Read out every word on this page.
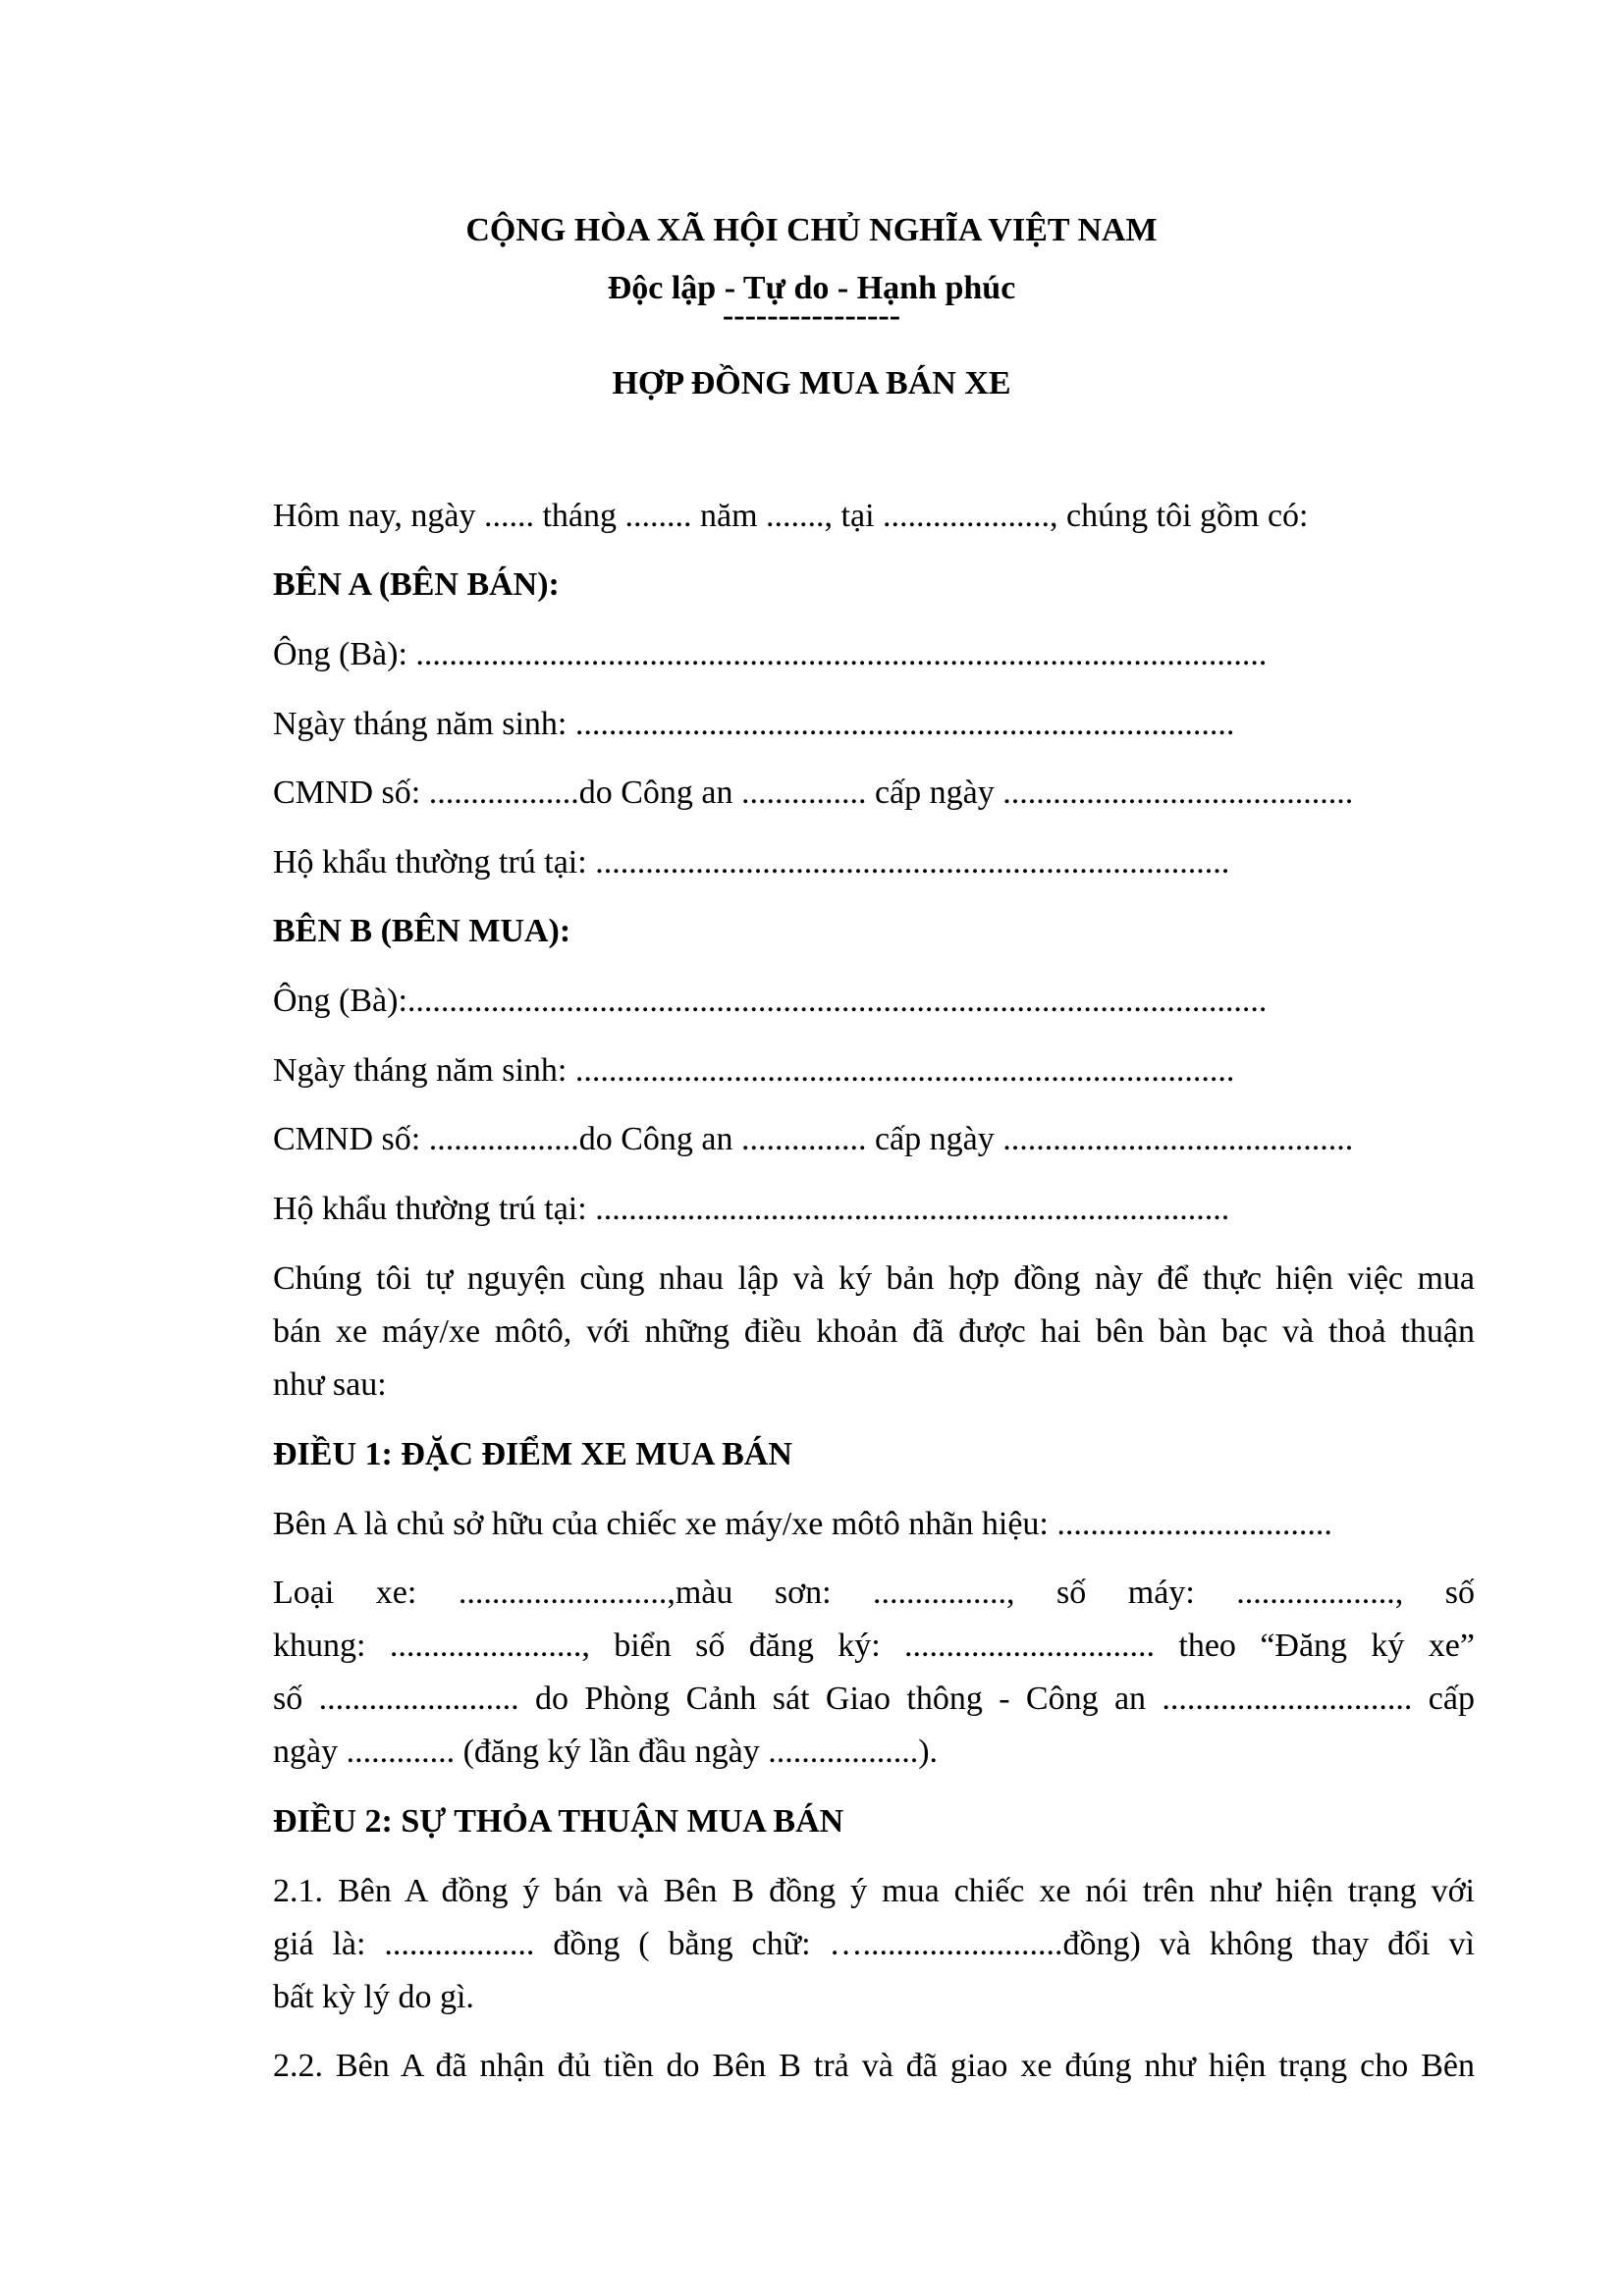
CỘNG HÒA XÃ HỘI CHỦ NGHĨA VIỆT NAM
Độc lập - Tự do - Hạnh phúc
----------------
HỢP ĐỒNG MUA BÁN XE
Hôm nay, ngày ...... tháng ........ năm ......., tại ...................., chúng tôi gồm có:
BÊN A (BÊN BÁN):
Ông (Bà): ......................................................................................................
Ngày tháng năm sinh: ...............................................................................
CMND số: ..................do Công an ............... cấp ngày ..........................................
Hộ khẩu thường trú tại: ............................................................................
BÊN B (BÊN MUA):
Ông (Bà):.......................................................................................................
Ngày tháng năm sinh: ...............................................................................
CMND số: ..................do Công an ............... cấp ngày ..........................................
Hộ khẩu thường trú tại: ............................................................................
Chúng tôi tự nguyện cùng nhau lập và ký bản hợp đồng này để thực hiện việc mua
bán xe máy/xe môtô, với những điều khoản đã được hai bên bàn bạc và thoả thuận
như sau:
ĐIỀU 1: ĐẶC ĐIỂM XE MUA BÁN
Bên A là chủ sở hữu của chiếc xe máy/xe môtô nhãn hiệu: .................................
Loại xe: .........................,màu sơn: ................, số máy: ..................., số
khung: ......................., biển số đăng ký: .............................. theo “Đăng ký xe”
số ........................ do Phòng Cảnh sát Giao thông - Công an .............................. cấp
ngày ............. (đăng ký lần đầu ngày ..................).
ĐIỀU 2: SỰ THỎA THUẬN MUA BÁN
2.1. Bên A đồng ý bán và Bên B đồng ý mua chiếc xe nói trên như hiện trạng với
giá là: .................. đồng ( bằng chữ: …........................đồng) và không thay đổi vì
bất kỳ lý do gì.
2.2. Bên A đã nhận đủ tiền do Bên B trả và đã giao xe đúng như hiện trạng cho Bên
